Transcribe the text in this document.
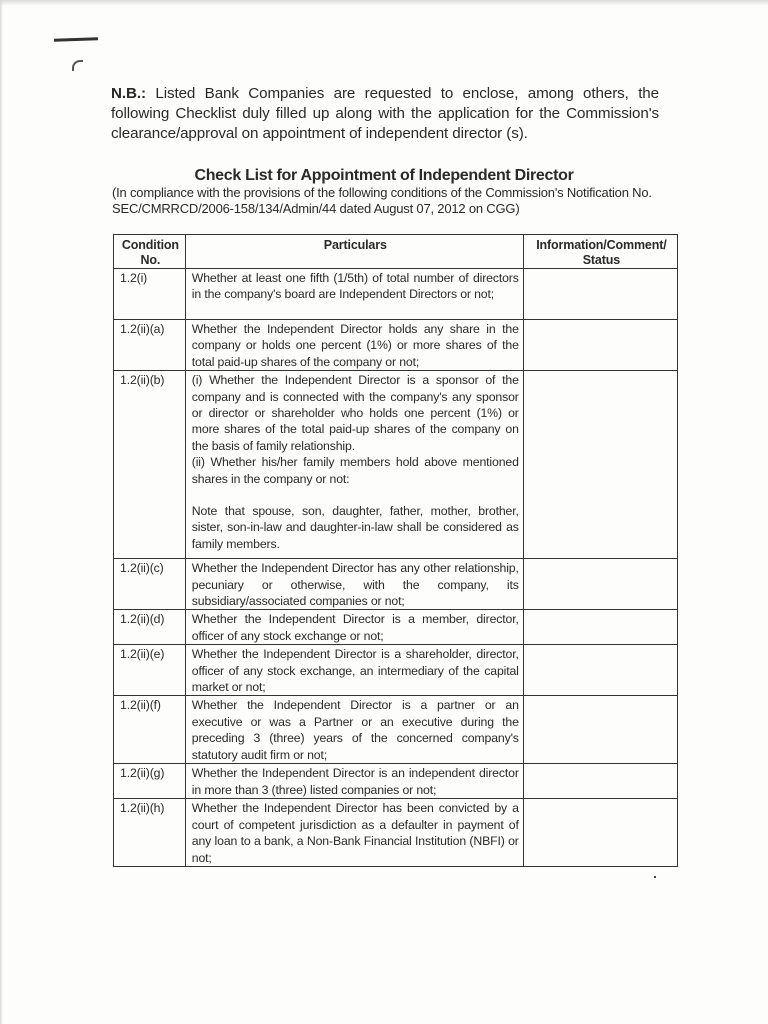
N.B.: Listed Bank Companies are requested to enclose, among others, the following Checklist duly filled up along with the application for the Commission's clearance/approval on appointment of independent director (s).
Check List for Appointment of Independent Director
(In compliance with the provisions of the following conditions of the Commission's Notification No. SEC/CMRRCD/2006-158/134/Admin/44 dated August 07, 2012 on CGG)
Condition No.	Particulars	Information/Comment/ Status
1.2(i)	Whether at least one fifth (1/5th) of total number of directors in the company's board are Independent Directors or not;	
1.2(ii)(a)	Whether the Independent Director holds any share in the company or holds one percent (1%) or more shares of the total paid-up shares of the company or not;	
1.2(ii)(b)	(i) Whether the Independent Director is a sponsor of the company and is connected with the company's any sponsor or director or shareholder who holds one percent (1%) or more shares of the total paid-up shares of the company on the basis of family relationship.
(ii) Whether his/her family members hold above mentioned shares in the company or not:
Note that spouse, son, daughter, father, mother, brother, sister, son-in-law and daughter-in-law shall be considered as family members.	

1.2(ii)(c)	Whether the Independent Director has any other relationship, pecuniary or otherwise, with the company, its subsidiary/associated companies or not;	
1.2(ii)(d)	Whether the Independent Director is a member, director, officer of any stock exchange or not;	
1.2(ii)(e)	Whether the Independent Director is a shareholder, director, officer of any stock exchange, an intermediary of the capital market or not;	
1.2(ii)(f)	Whether the Independent Director is a partner or an executive or was a Partner or an executive during the preceding 3 (three) years of the concerned company's statutory audit firm or not;	
1.2(ii)(g)	Whether the Independent Director is an independent director in more than 3 (three) listed companies or not;	
1.2(ii)(h)	Whether the Independent Director has been convicted by a court of competent jurisdiction as a defaulter in payment of any loan to a bank, a Non-Bank Financial Institution (NBFI) or not;	
